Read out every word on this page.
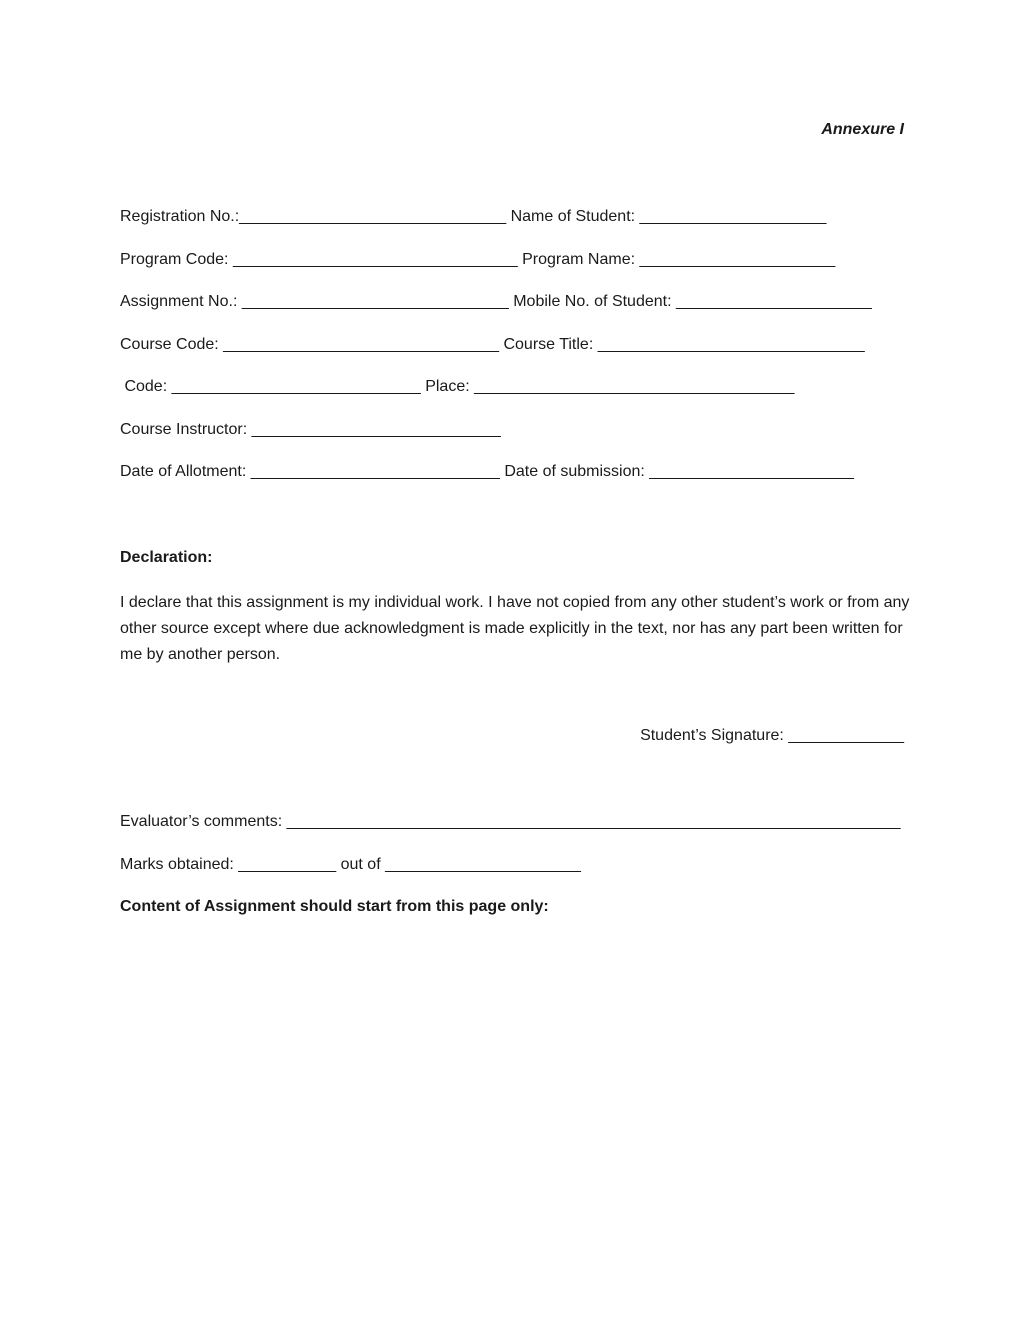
Annexure I
Registration No.:______________________________ Name of Student: _____________________
Program Code: ________________________________ Program Name: ______________________
Assignment No.: ______________________________ Mobile No. of Student: ______________________
Course Code: _______________________________ Course Title: ______________________________
Code: ____________________________ Place: ____________________________________
Course Instructor: ____________________________
Date of Allotment: ____________________________ Date of submission: _______________________
Declaration:
I declare that this assignment is my individual work. I have not copied from any other student’s work or from any other source except where due acknowledgment is made explicitly in the text, nor has any part been written for me by another person.
Student’s Signature: _____________
Evaluator’s comments: _____________________________________________________________________
Marks obtained: ___________ out of ______________________
Content of Assignment should start from this page only:
